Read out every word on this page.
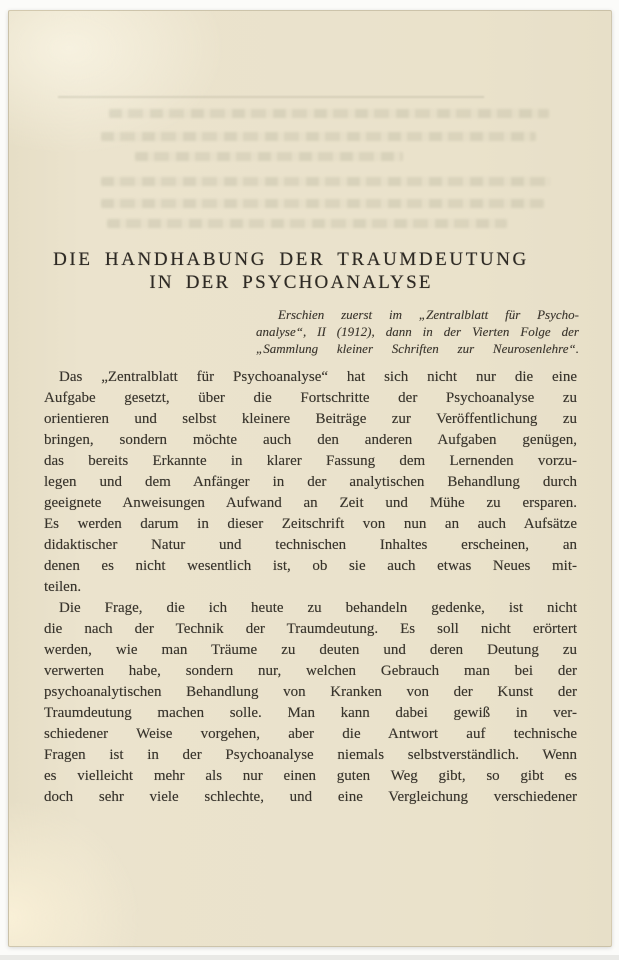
DIE HANDHABUNG DER TRAUMDEUTUNG
IN DER PSYCHOANALYSE
Erschien zuerst im „Zentralblatt für Psycho-
analyse“, II (1912), dann in der Vierten Folge der
„Sammlung kleiner Schriften zur Neurosenlehre“.
Das „Zentralblatt für Psychoanalyse“ hat sich nicht nur die eine
Aufgabe gesetzt, über die Fortschritte der Psychoanalyse zu
orientieren und selbst kleinere Beiträge zur Veröffentlichung zu
bringen, sondern möchte auch den anderen Aufgaben genügen,
das bereits Erkannte in klarer Fassung dem Lernenden vorzu-
legen und dem Anfänger in der analytischen Behandlung durch
geeignete Anweisungen Aufwand an Zeit und Mühe zu ersparen.
Es werden darum in dieser Zeitschrift von nun an auch Aufsätze
didaktischer Natur und technischen Inhaltes erscheinen, an
denen es nicht wesentlich ist, ob sie auch etwas Neues mit-
teilen.
Die Frage, die ich heute zu behandeln gedenke, ist nicht
die nach der Technik der Traumdeutung. Es soll nicht erörtert
werden, wie man Träume zu deuten und deren Deutung zu
verwerten habe, sondern nur, welchen Gebrauch man bei der
psychoanalytischen Behandlung von Kranken von der Kunst der
Traumdeutung machen solle. Man kann dabei gewiß in ver-
schiedener Weise vorgehen, aber die Antwort auf technische
Fragen ist in der Psychoanalyse niemals selbstverständlich. Wenn
es vielleicht mehr als nur einen guten Weg gibt, so gibt es
doch sehr viele schlechte, und eine Vergleichung verschiedener
